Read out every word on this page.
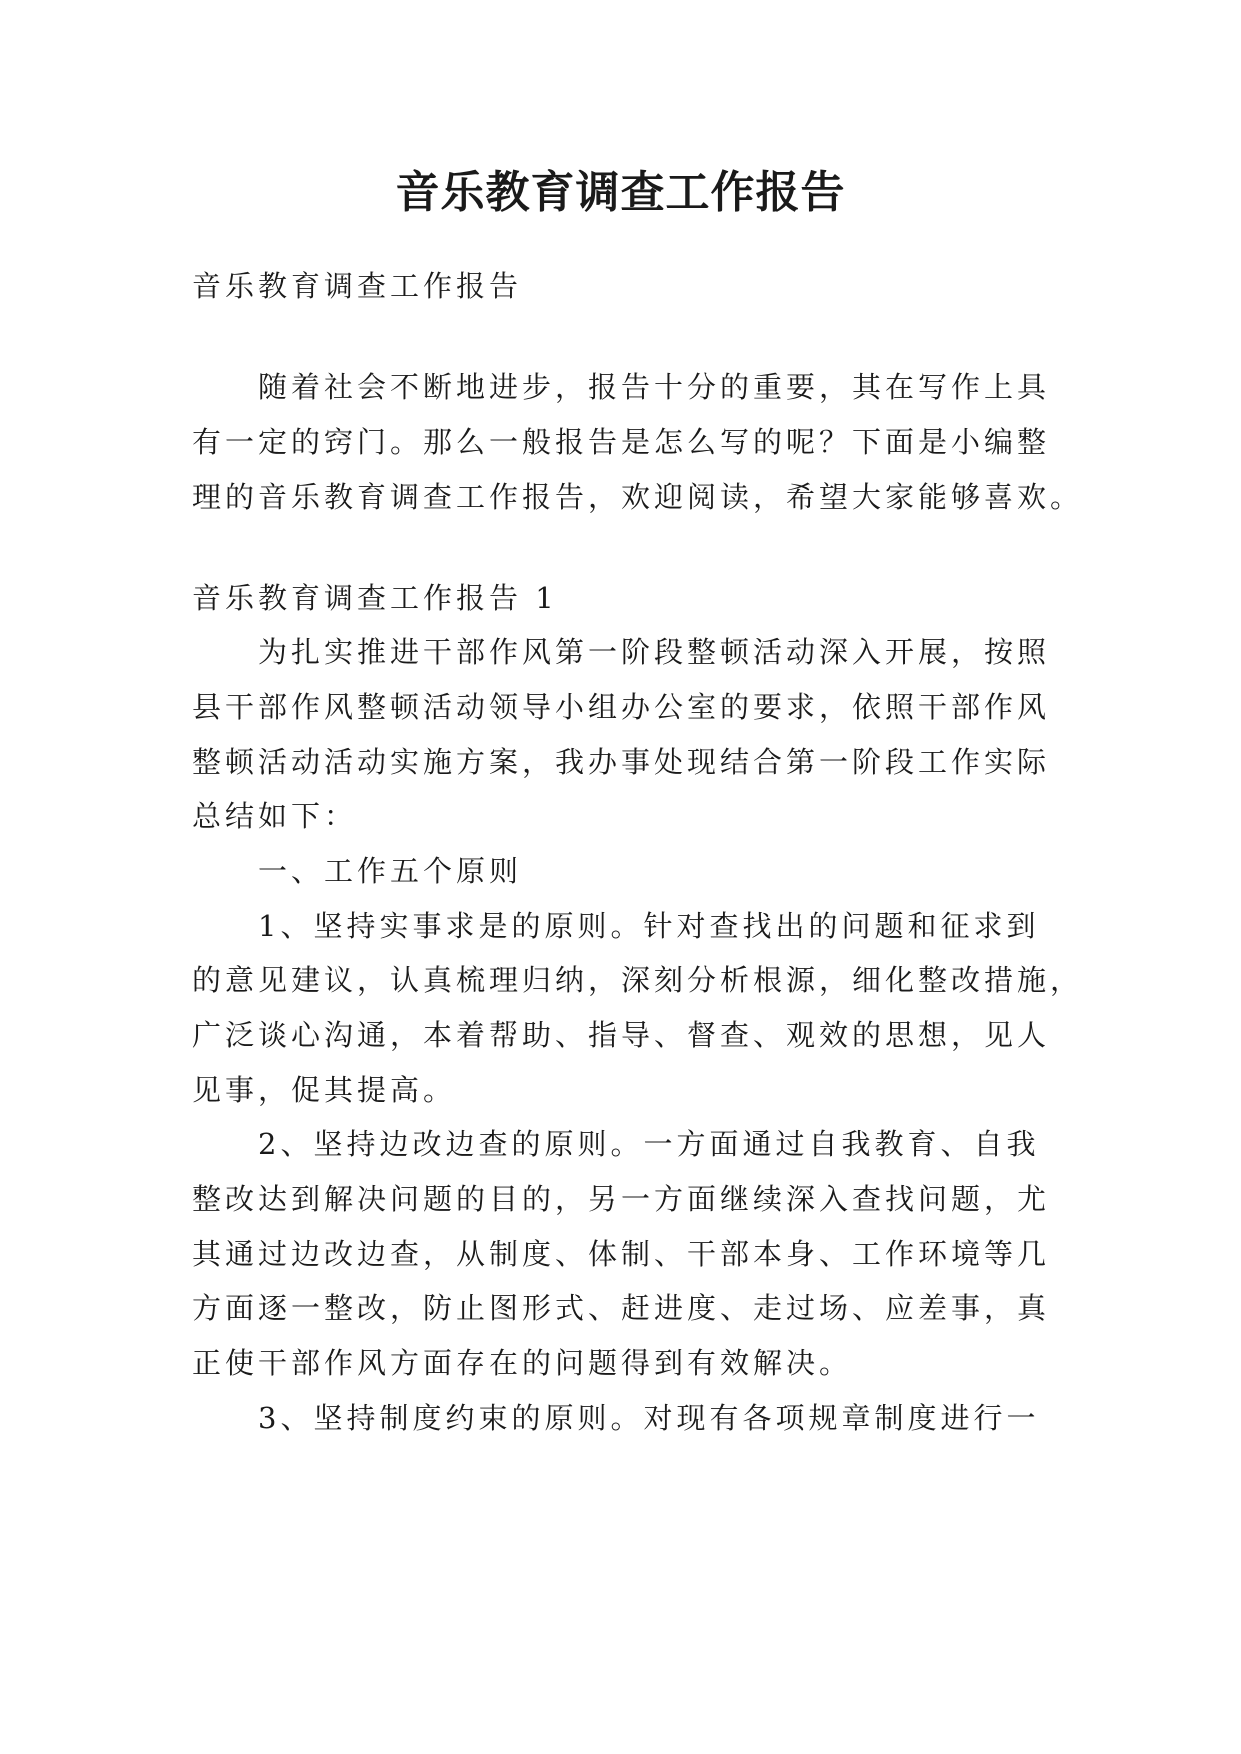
音乐教育调查工作报告

音乐教育调查工作报告

　　随着社会不断地进步，报告十分的重要，其在写作上具

有一定的窍门。那么一般报告是怎么写的呢？下面是小编整

理的音乐教育调查工作报告，欢迎阅读，希望大家能够喜欢。

音乐教育调查工作报告 1

　　为扎实推进干部作风第一阶段整顿活动深入开展，按照

县干部作风整顿活动领导小组办公室的要求，依照干部作风

整顿活动活动实施方案，我办事处现结合第一阶段工作实际

总结如下：

　　一、工作五个原则

　　1、坚持实事求是的原则。针对查找出的问题和征求到

的意见建议，认真梳理归纳，深刻分析根源，细化整改措施，

广泛谈心沟通，本着帮助、指导、督查、观效的思想，见人

见事，促其提高。

　　2、坚持边改边查的原则。一方面通过自我教育、自我

整改达到解决问题的目的，另一方面继续深入查找问题，尤

其通过边改边查，从制度、体制、干部本身、工作环境等几

方面逐一整改，防止图形式、赶进度、走过场、应差事，真

正使干部作风方面存在的问题得到有效解决。

　　3、坚持制度约束的原则。对现有各项规章制度进行一
